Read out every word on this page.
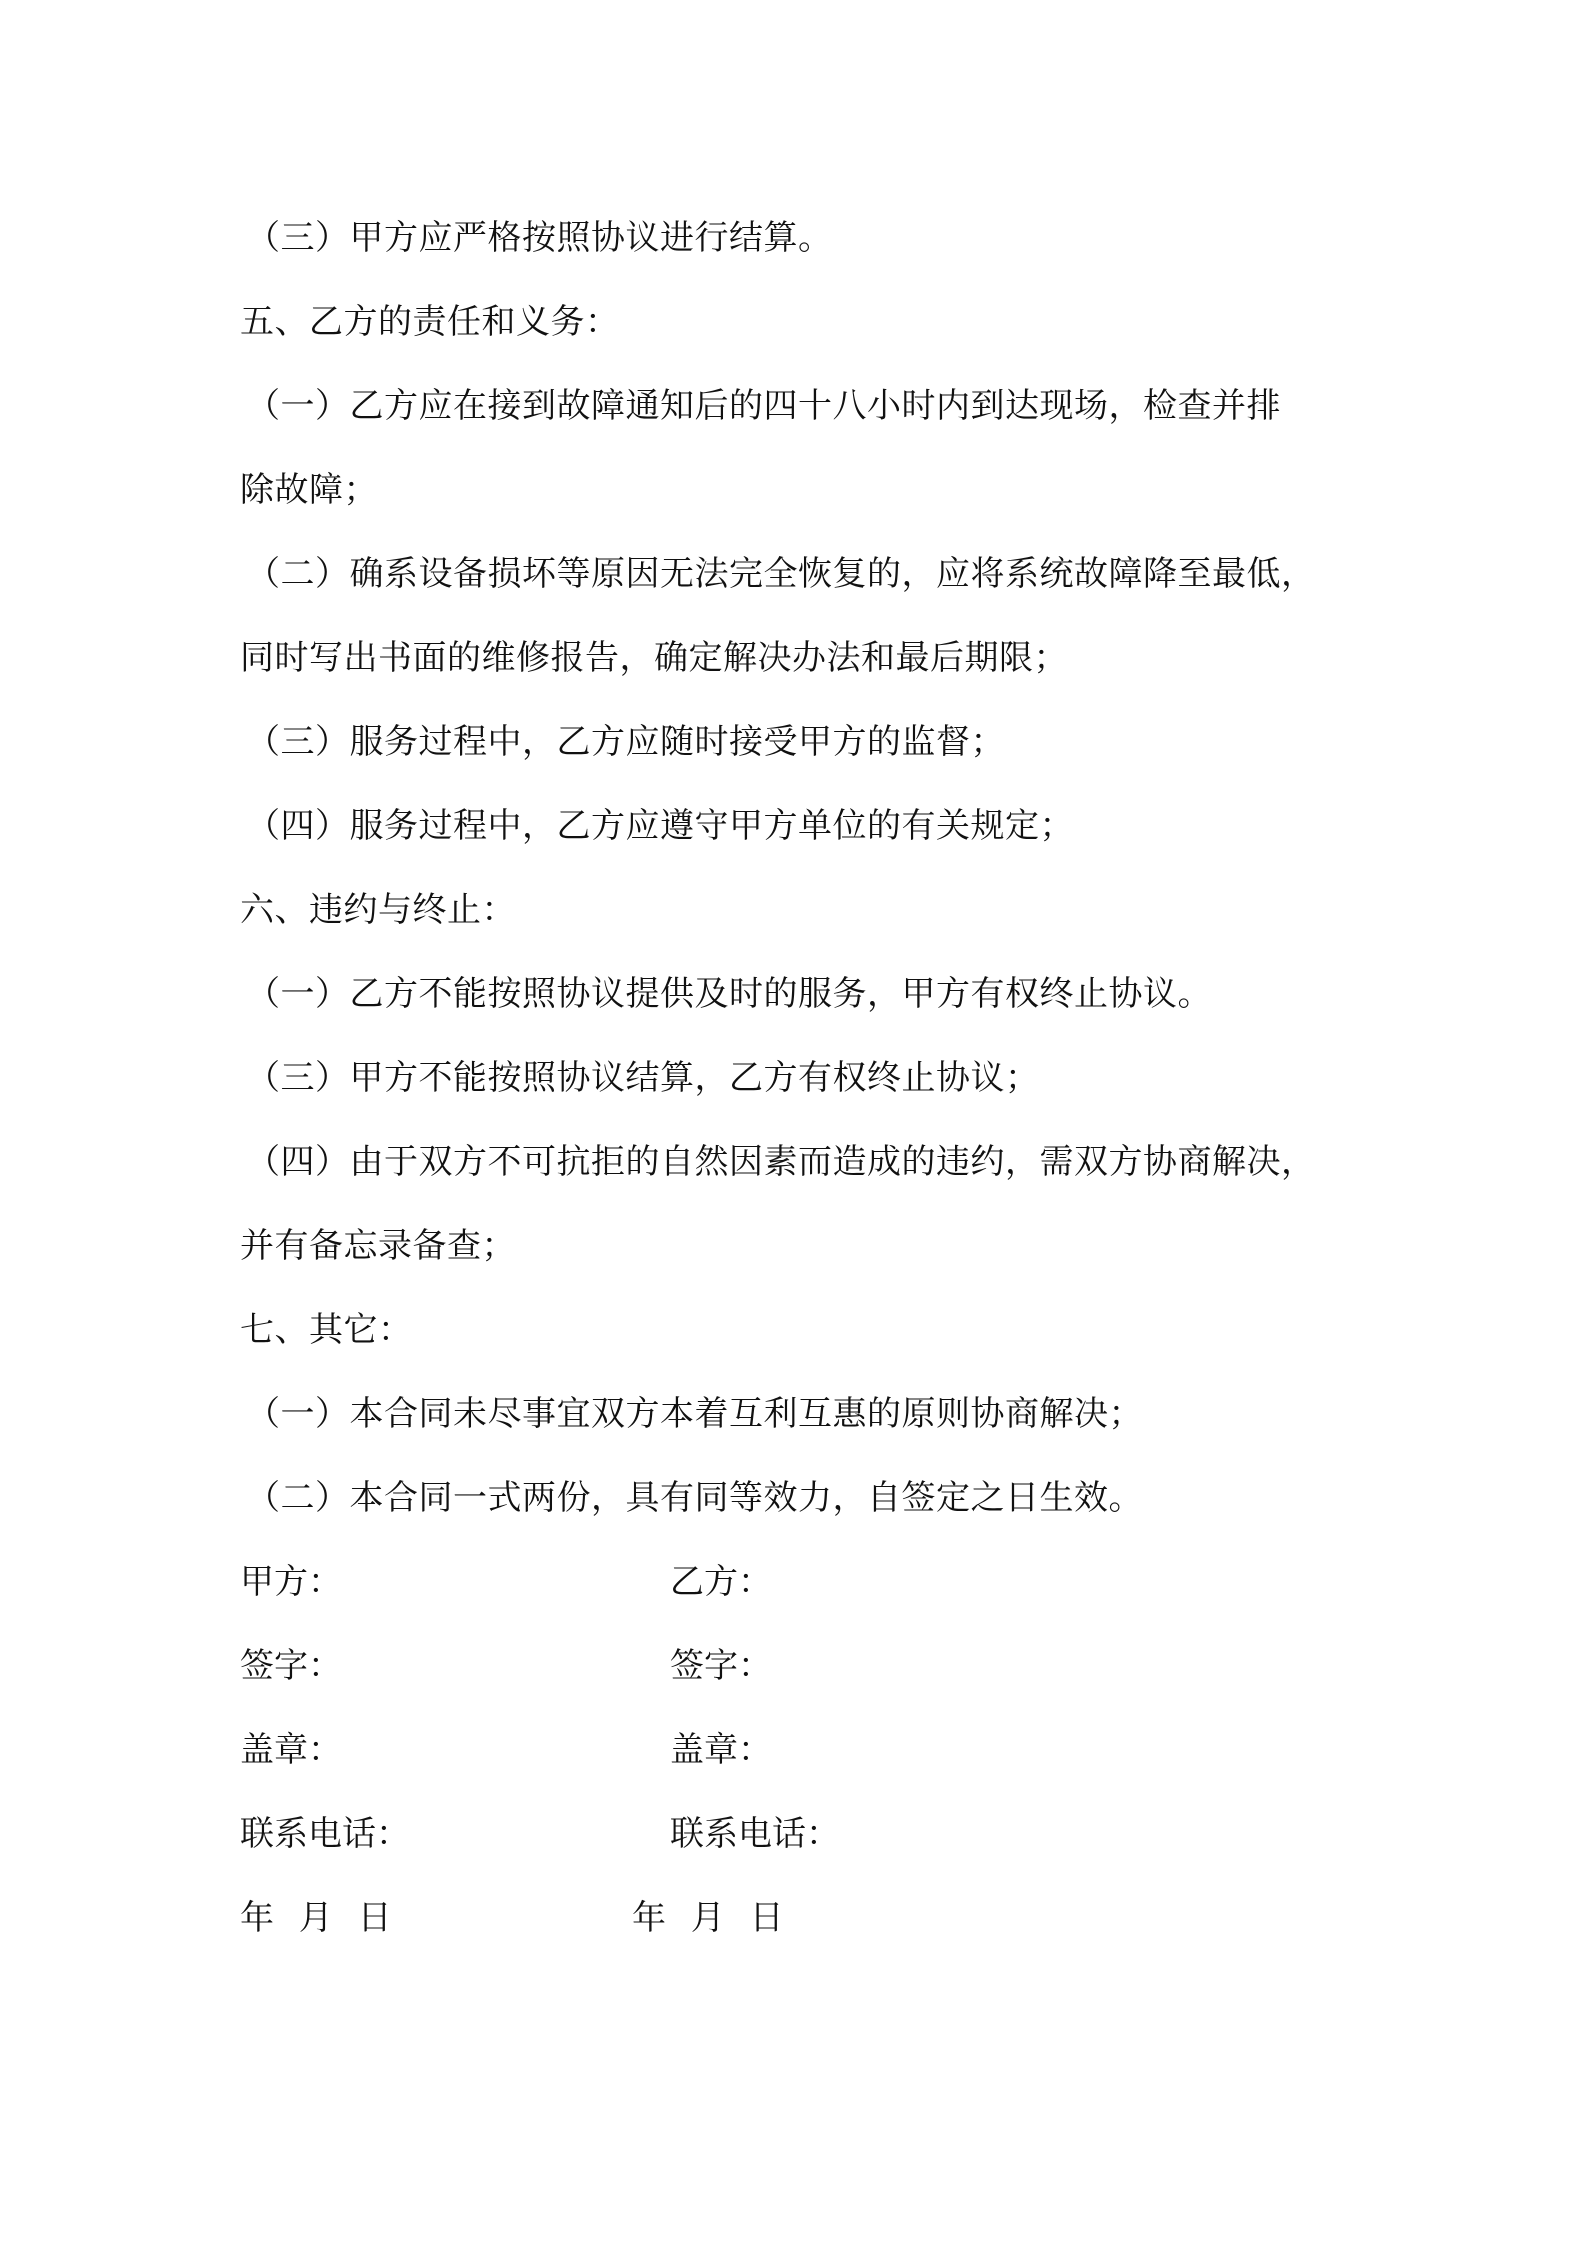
（三）甲方应严格按照协议进行结算。
五、乙方的责任和义务：
（一）乙方应在接到故障通知后的四十八小时内到达现场，检查并排
除故障；
（二）确系设备损坏等原因无法完全恢复的，应将系统故障降至最低，
同时写出书面的维修报告，确定解决办法和最后期限；
（三）服务过程中，乙方应随时接受甲方的监督；
（四）服务过程中，乙方应遵守甲方单位的有关规定；
六、违约与终止：
（一）乙方不能按照协议提供及时的服务，甲方有权终止协议。
（三）甲方不能按照协议结算，乙方有权终止协议；
（四）由于双方不可抗拒的自然因素而造成的违约，需双方协商解决，
并有备忘录备查；
七、其它：
（一）本合同未尽事宜双方本着互利互惠的原则协商解决；
（二）本合同一式两份，具有同等效力，自签定之日生效。
甲方：	乙方：
签字：	签字：
盖章：	盖章：
联系电话：	联系电话：
年 月 日	年 月 日
